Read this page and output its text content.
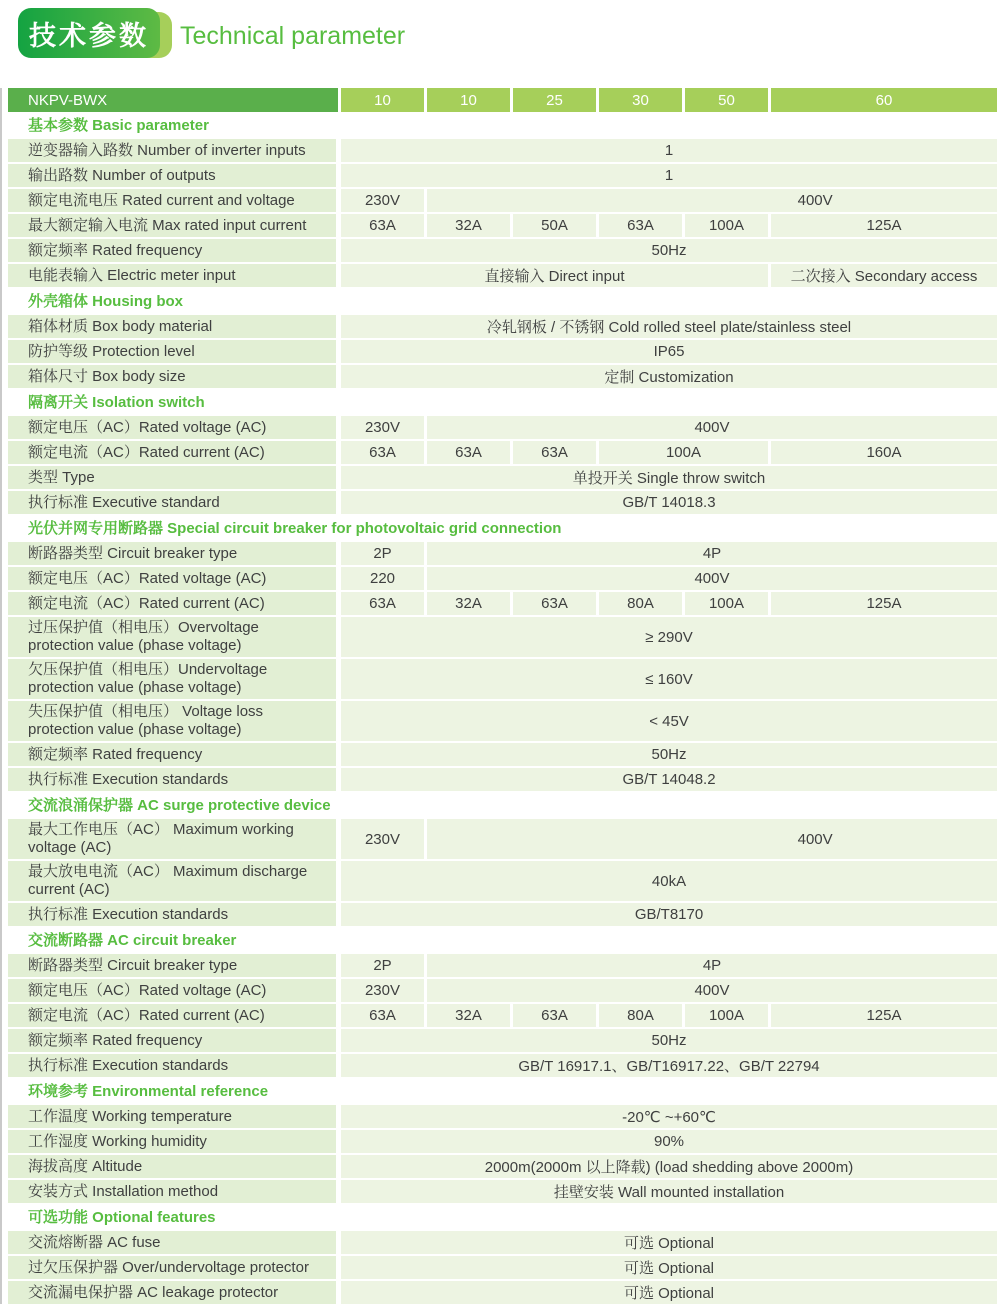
技术参数 Technical parameter
NKPV-BWX	10	10	25	30	50	60
基本参数 Basic parameter
逆变器输入路数 Number of inverter inputs	1
输出路数 Number of outputs	1
额定电流电压 Rated current and voltage	230V	400V
最大额定输入电流 Max rated input current	63A	32A	50A	63A	100A	125A
额定频率 Rated frequency	50Hz
电能表输入 Electric meter input	直接输入 Direct input	二次接入 Secondary access
外壳箱体 Housing box
箱体材质 Box body material	冷轧钢板 / 不锈钢 Cold rolled steel plate/stainless steel
防护等级 Protection level	IP65
箱体尺寸 Box body size	定制 Customization
隔离开关 Isolation switch
额定电压（AC）Rated voltage (AC)	230V	400V
额定电流（AC）Rated current (AC)	63A	63A	63A	100A	160A
类型 Type	单投开关 Single throw switch
执行标准 Executive standard	GB/T 14018.3
光伏并网专用断路器 Special circuit breaker for photovoltaic grid connection
断路器类型 Circuit breaker type	2P	4P
额定电压（AC）Rated voltage (AC)	220	400V
额定电流（AC）Rated current (AC)	63A	32A	63A	80A	100A	125A
过压保护值（相电压）Overvoltage protection value (phase voltage)	≥ 290V
欠压保护值（相电压）Undervoltage protection value (phase voltage)	≤ 160V
失压保护值（相电压） Voltage loss protection value (phase voltage)	< 45V
额定频率 Rated frequency	50Hz
执行标准 Execution standards	GB/T 14048.2
交流浪涌保护器 AC surge protective device
最大工作电压（AC） Maximum working voltage (AC)	230V	400V
最大放电电流（AC） Maximum discharge current (AC)	40kA
执行标准 Execution standards	GB/T8170
交流断路器 AC circuit breaker
断路器类型 Circuit breaker type	2P	4P
额定电压（AC）Rated voltage (AC)	230V	400V
额定电流（AC）Rated current (AC)	63A	32A	63A	80A	100A	125A
额定频率 Rated frequency	50Hz
执行标准 Execution standards	GB/T 16917.1、GB/T16917.22、GB/T 22794
环境参考 Environmental reference
工作温度 Working temperature	-20℃ ~+60℃
工作湿度 Working humidity	90%
海拔高度 Altitude	2000m(2000m 以上降载) (load shedding above 2000m)
安装方式 Installation method	挂壁安装 Wall mounted installation
可选功能 Optional features
交流熔断器 AC fuse	可选 Optional
过欠压保护器 Over/undervoltage protector	可选 Optional
交流漏电保护器 AC leakage protector	可选 Optional
